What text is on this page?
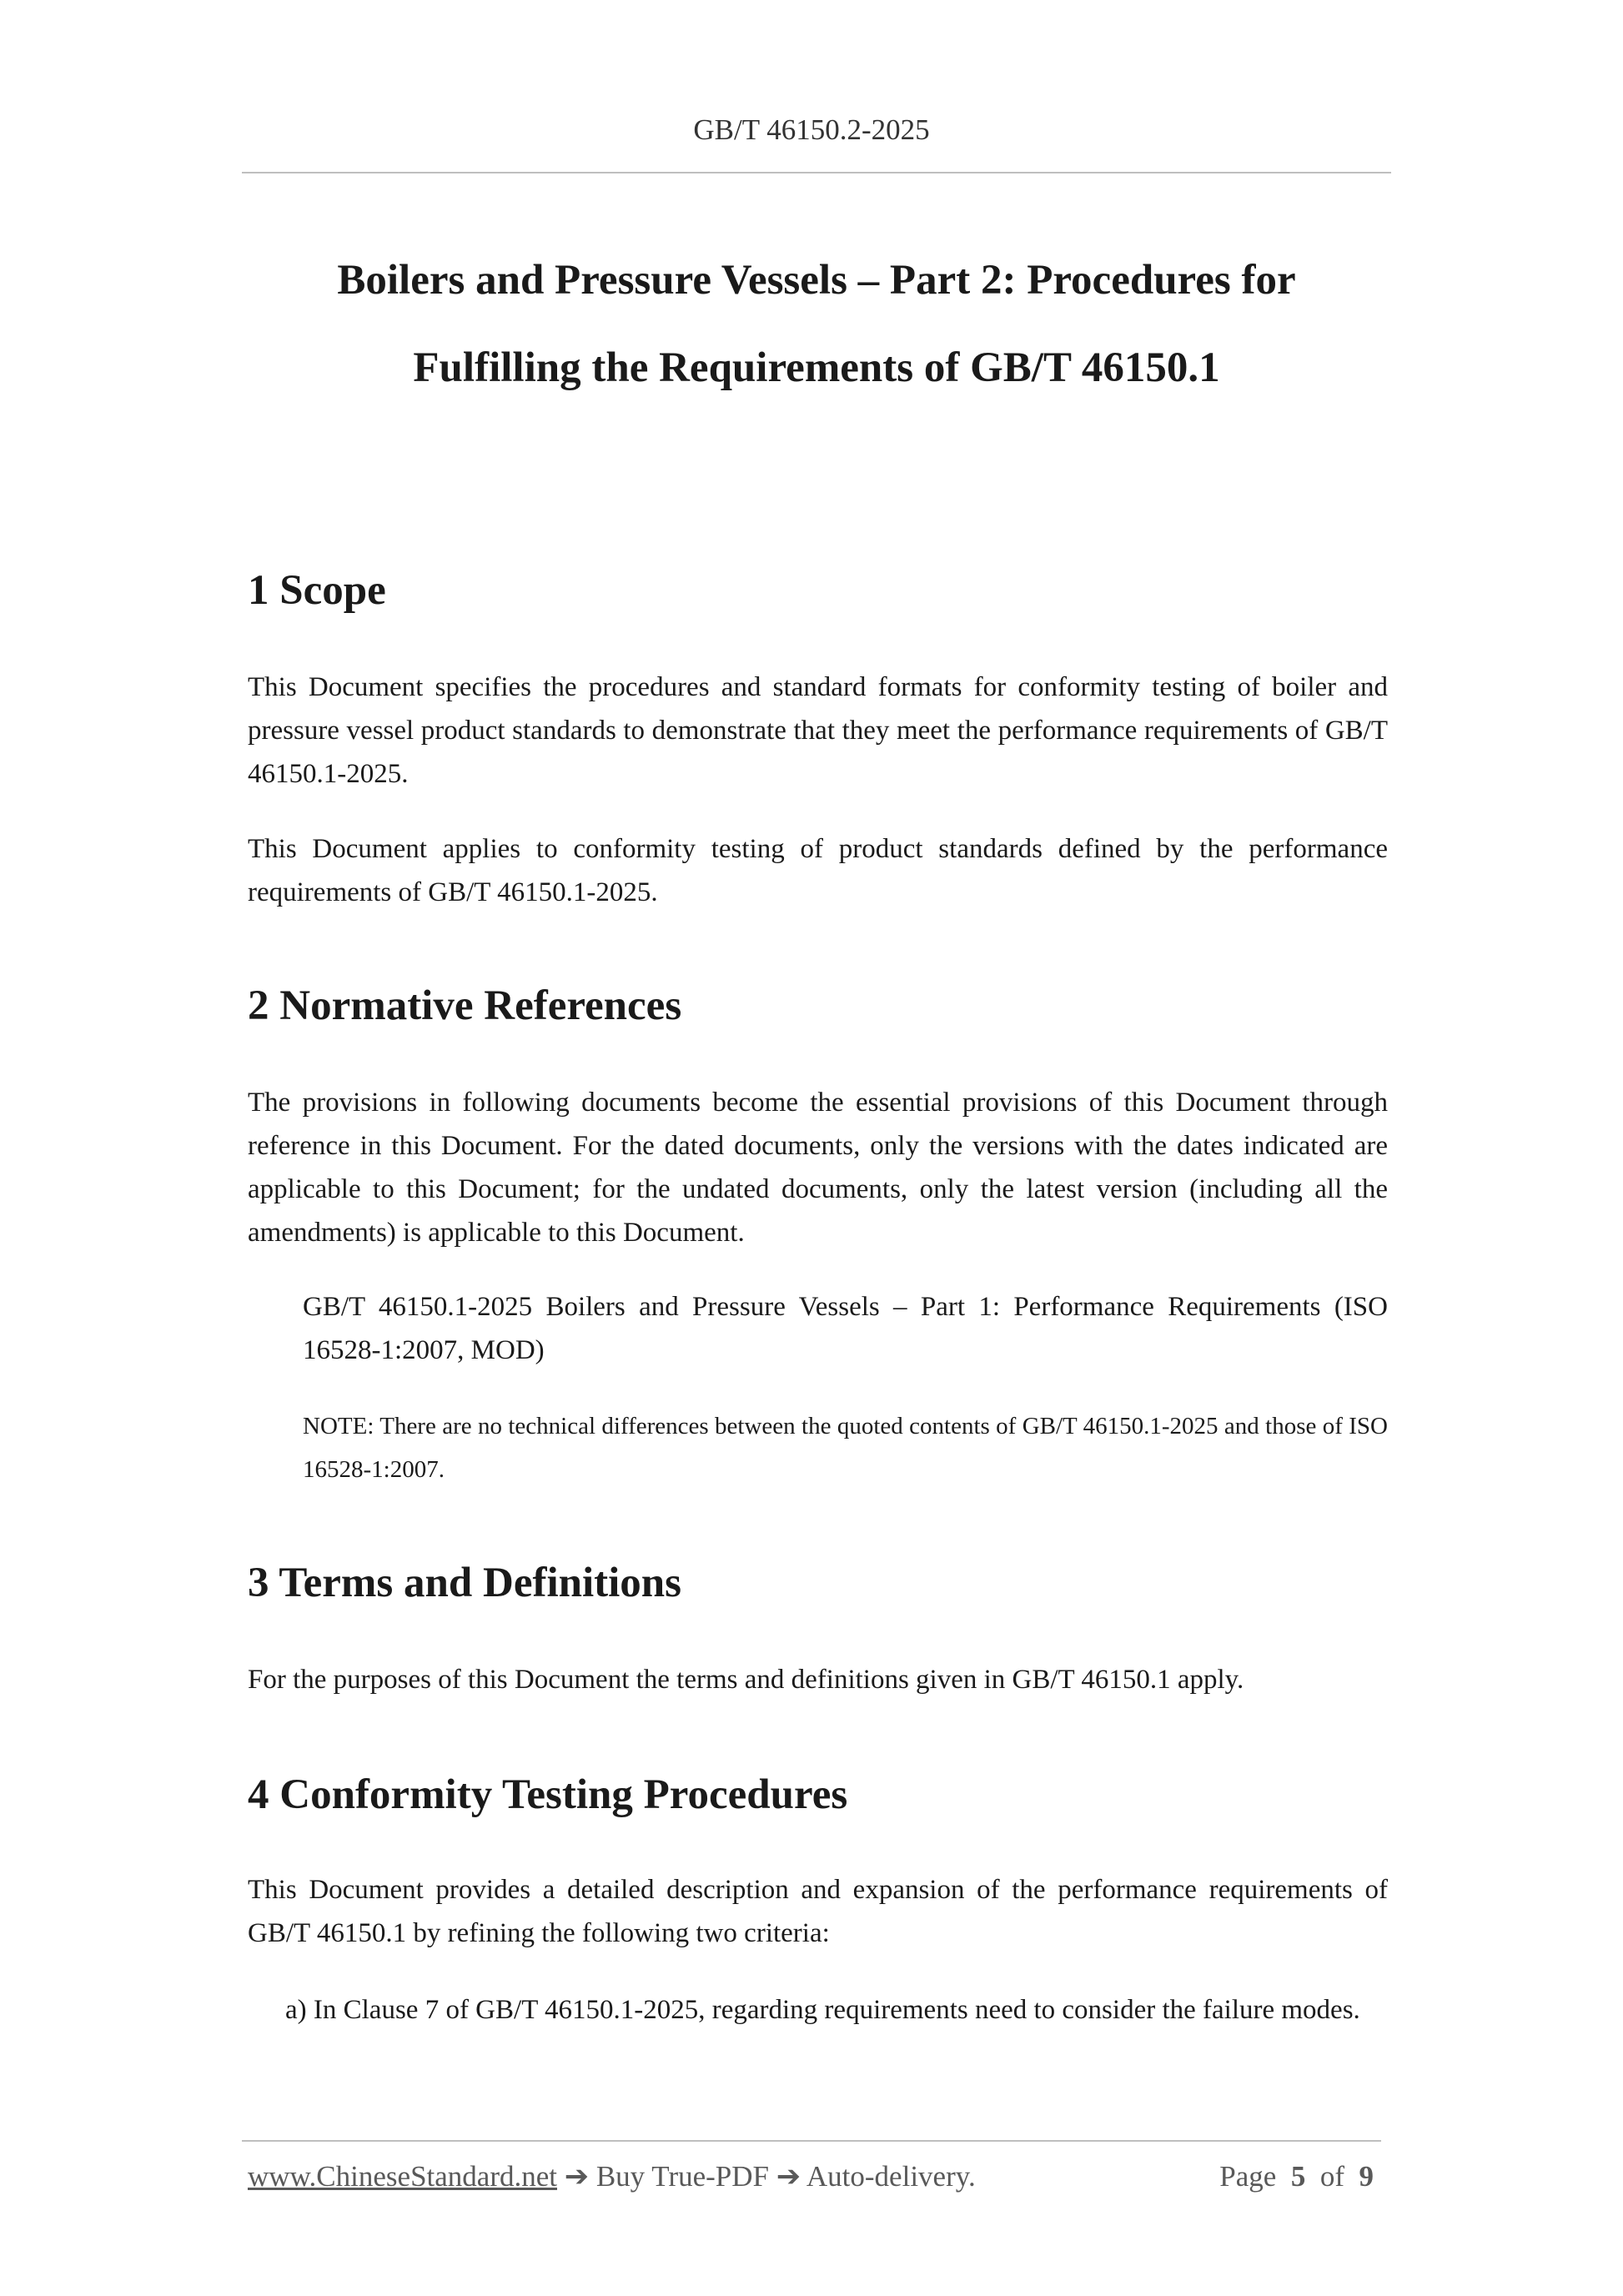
GB/T 46150.2-2025
Boilers and Pressure Vessels – Part 2: Procedures for
Fulfilling the Requirements of GB/T 46150.1
1 Scope

This Document specifies the procedures and standard formats for conformity testing of boiler and pressure vessel product standards to demonstrate that they meet the performance requirements of GB/T 46150.1-2025.

This Document applies to conformity testing of product standards defined by the performance requirements of GB/T 46150.1-2025.

2 Normative References

The provisions in following documents become the essential provisions of this Document through reference in this Document. For the dated documents, only the versions with the dates indicated are applicable to this Document; for the undated documents, only the latest version (including all the amendments) is applicable to this Document.

GB/T 46150.1-2025 Boilers and Pressure Vessels – Part 1: Performance Requirements (ISO 16528-1:2007, MOD)

NOTE: There are no technical differences between the quoted contents of GB/T 46150.1-2025 and those of ISO 16528-1:2007.

3 Terms and Definitions

For the purposes of this Document the terms and definitions given in GB/T 46150.1 apply.

4 Conformity Testing Procedures

This Document provides a detailed description and expansion of the performance requirements of GB/T 46150.1 by refining the following two criteria:

a) In Clause 7 of GB/T 46150.1-2025, regarding requirements need to consider the failure modes.

www.ChineseStandard.net ➔ Buy True-PDF ➔ Auto-delivery.	Page 5 of 9
